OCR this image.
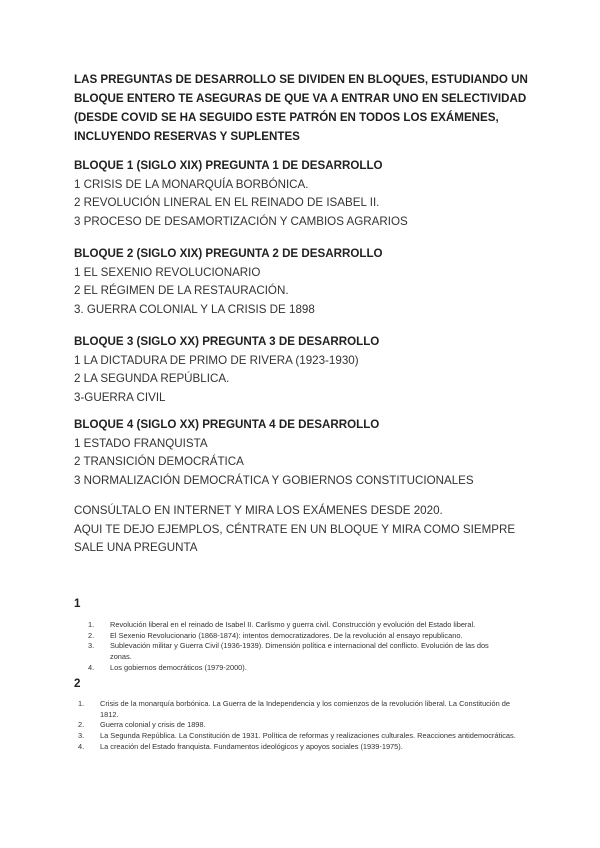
LAS PREGUNTAS DE DESARROLLO SE DIVIDEN EN BLOQUES, ESTUDIANDO UN BLOQUE ENTERO TE ASEGURAS DE QUE VA A ENTRAR UNO EN SELECTIVIDAD (DESDE COVID SE HA SEGUIDO ESTE PATRÓN EN TODOS LOS EXÁMENES, INCLUYENDO RESERVAS Y SUPLENTES
BLOQUE 1 (SIGLO XIX) PREGUNTA 1 DE DESARROLLO
1 CRISIS DE LA MONARQUÍA BORBÓNICA.
2 REVOLUCIÓN LINERAL EN EL REINADO DE ISABEL II.
3 PROCESO DE DESAMORTIZACIÓN Y CAMBIOS AGRARIOS
BLOQUE 2 (SIGLO XIX) PREGUNTA 2 DE DESARROLLO
1 EL SEXENIO REVOLUCIONARIO
2 EL RÉGIMEN DE LA RESTAURACIÓN.
3. GUERRA COLONIAL Y LA CRISIS DE 1898
BLOQUE 3 (SIGLO XX) PREGUNTA 3 DE DESARROLLO
1 LA DICTADURA DE PRIMO DE RIVERA (1923-1930)
2 LA SEGUNDA REPÚBLICA.
3-GUERRA CIVIL
BLOQUE 4 (SIGLO XX) PREGUNTA 4 DE DESARROLLO
1 ESTADO FRANQUISTA
2 TRANSICIÓN DEMOCRÁTICA
3 NORMALIZACIÓN DEMOCRÁTICA Y GOBIERNOS CONSTITUCIONALES
CONSÚLTALO EN INTERNET Y MIRA LOS EXÁMENES DESDE 2020.
AQUI TE DEJO EJEMPLOS, CÉNTRATE EN UN BLOQUE Y MIRA COMO SIEMPRE SALE UNA PREGUNTA
1
1. Revolución liberal en el reinado de Isabel II. Carlismo y guerra civil. Construcción y evolución del Estado liberal.
2. El Sexenio Revolucionario (1868-1874): intentos democratizadores. De la revolución al ensayo republicano.
3. Sublevación militar y Guerra Civil (1936-1939). Dimensión política e internacional del conflicto. Evolución de las dos zonas.
4. Los gobiernos democráticos (1979-2000).
2
1. Crisis de la monarquía borbónica. La Guerra de la Independencia y los comienzos de la revolución liberal. La Constitución de 1812.
2. Guerra colonial y crisis de 1898.
3. La Segunda República. La Constitución de 1931. Política de reformas y realizaciones culturales. Reacciones antidemocráticas.
4. La creación del Estado franquista. Fundamentos ideológicos y apoyos sociales (1939-1975).
